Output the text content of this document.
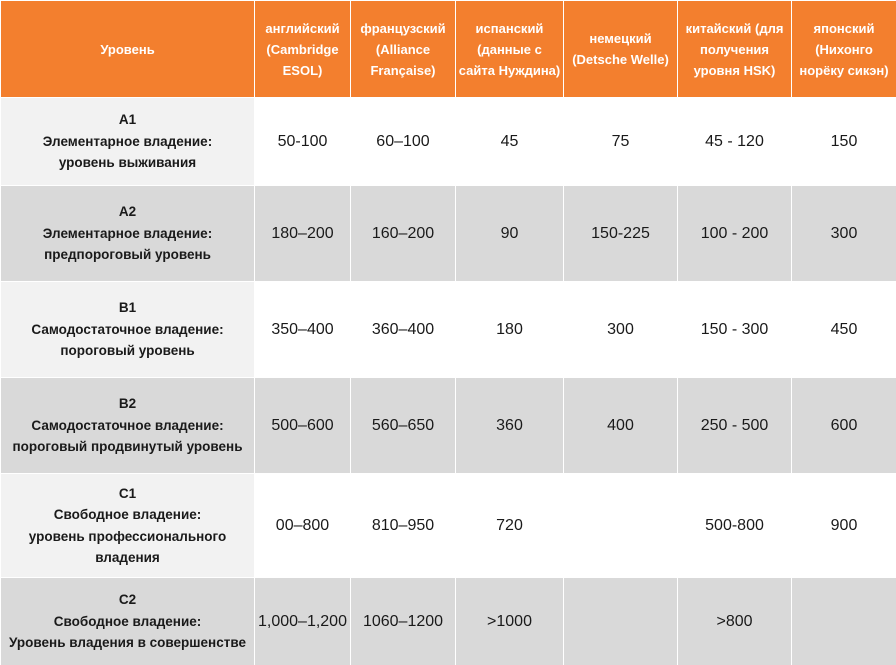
Уровень	английский (Cambridge ESOL)	французский (Alliance Française)	испанский (данные с сайта Нуждина)	немецкий (Detsche Welle)	китайский (для получения уровня HSK)	японский (Нихонго норёку сикэн)

A1
Элементарное владение:
уровень выживания	50-100	60–100	45	75	45 - 120	150

A2
Элементарное владение:
предпороговый уровень	180–200	160–200	90	150-225	100 - 200	300

B1
Самодостаточное владение:
пороговый уровень	350–400	360–400	180	300	150 - 300	450

B2
Самодостаточное владение:
пороговый продвинутый уровень	500–600	560–650	360	400	250 - 500	600

C1
Свободное владение:
уровень профессионального владения	00–800	810–950	720		500-800	900

C2
Свободное владение:
Уровень владения в совершенстве	1,000–1,200	1060–1200	>1000		>800	
